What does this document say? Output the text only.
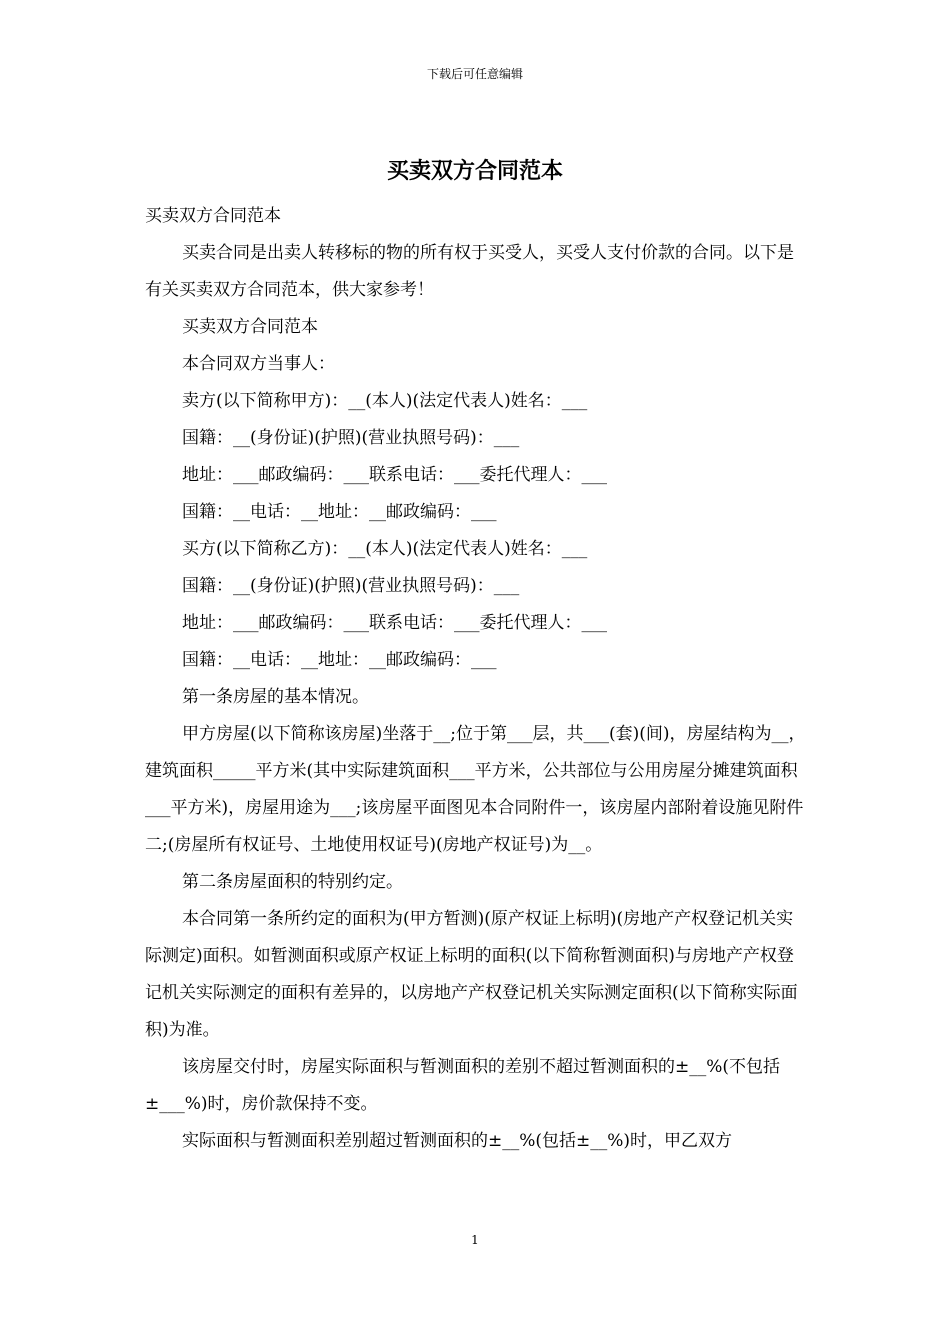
下载后可任意编辑
买卖双方合同范本

买卖双方合同范本

买卖合同是出卖人转移标的物的所有权于买受人，买受人支付价款的合同。以下是有关买卖双方合同范本，供大家参考！

买卖双方合同范本

本合同双方当事人：

卖方(以下简称甲方)：__(本人)(法定代表人)姓名：___

国籍：__(身份证)(护照)(营业执照号码)：___

地址：___邮政编码：___联系电话：___委托代理人：___

国籍：__电话：__地址：__邮政编码：___

买方(以下简称乙方)：__(本人)(法定代表人)姓名：___

国籍：__(身份证)(护照)(营业执照号码)：___

地址：___邮政编码：___联系电话：___委托代理人：___

国籍：__电话：__地址：__邮政编码：___

第一条房屋的基本情况。

甲方房屋(以下简称该房屋)坐落于__;位于第___层，共___(套)(间)，房屋结构为__，建筑面积_____平方米(其中实际建筑面积___平方米，公共部位与公用房屋分摊建筑面积___平方米)，房屋用途为___;该房屋平面图见本合同附件一，该房屋内部附着设施见附件二;(房屋所有权证号、土地使用权证号)(房地产权证号)为__。

第二条房屋面积的特别约定。

本合同第一条所约定的面积为(甲方暂测)(原产权证上标明)(房地产产权登记机关实际测定)面积。如暂测面积或原产权证上标明的面积(以下简称暂测面积)与房地产产权登记机关实际测定的面积有差异的，以房地产产权登记机关实际测定面积(以下简称实际面积)为准。

该房屋交付时，房屋实际面积与暂测面积的差别不超过暂测面积的±__%(不包括±___%)时，房价款保持不变。

实际面积与暂测面积差别超过暂测面积的±__%(包括±__%)时，甲乙双方

1
